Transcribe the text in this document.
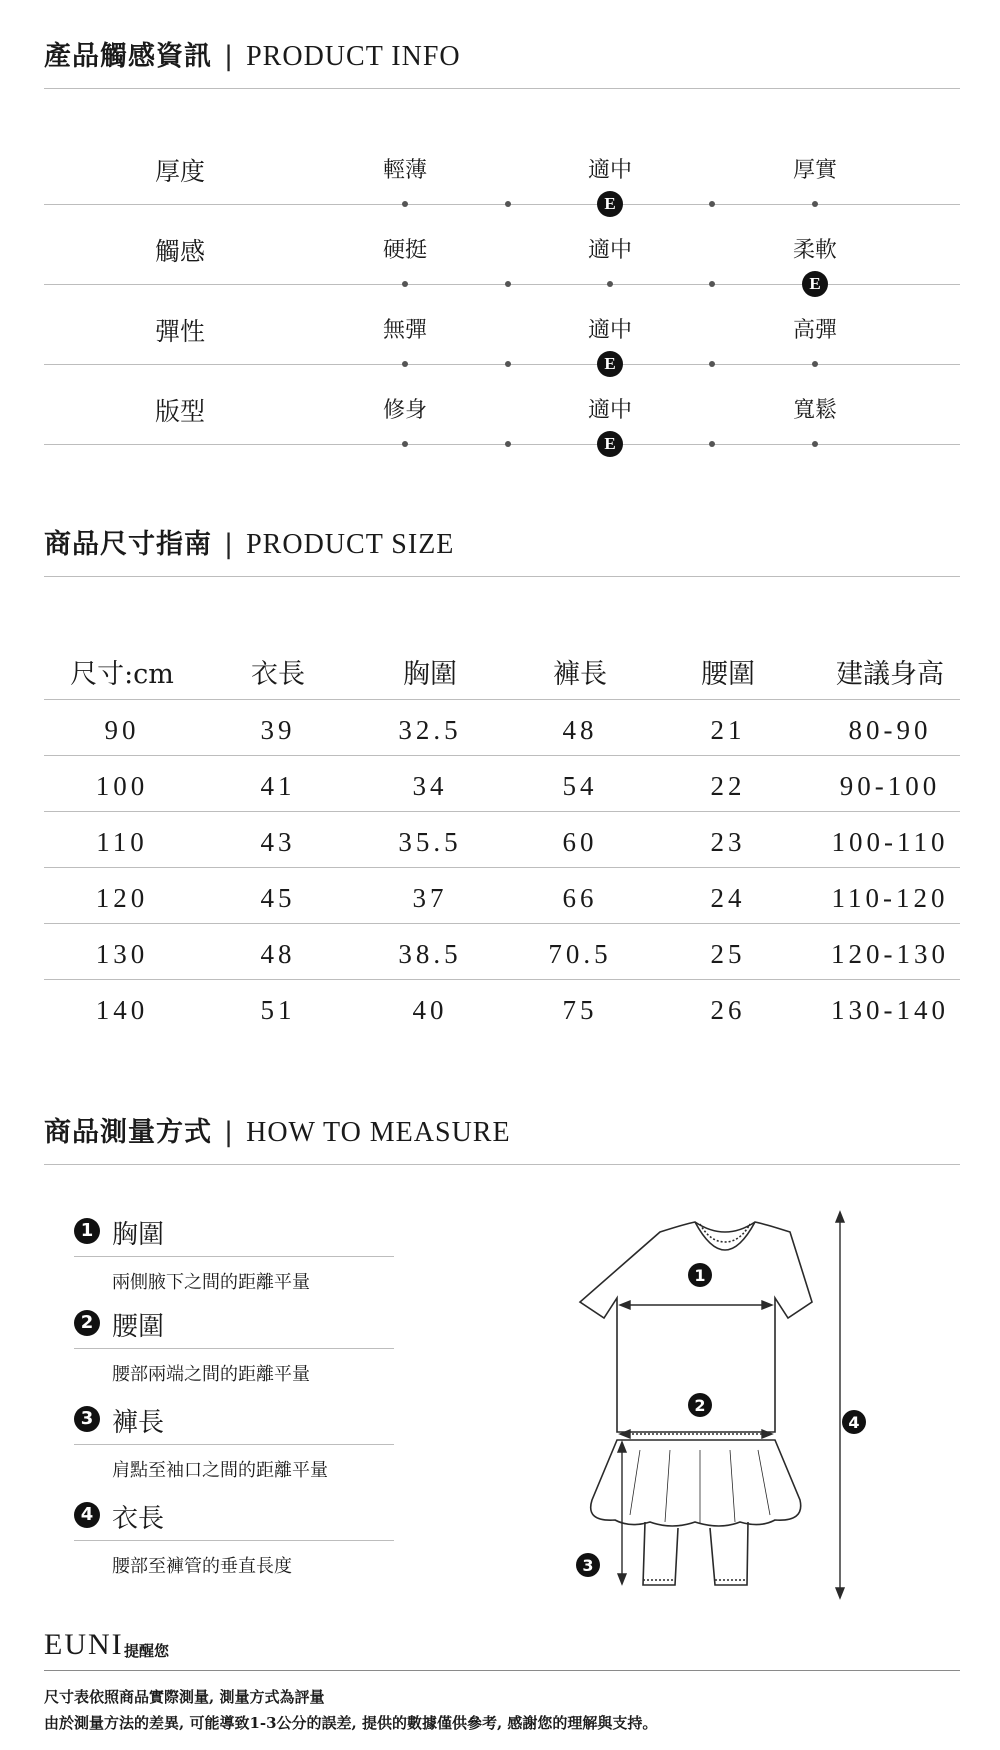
產品觸感資訊 | PRODUCT INFO
厚度	輕薄	適中	厚實
E
觸感	硬挺	適中	柔軟
E
彈性	無彈	適中	高彈
E
版型	修身	適中	寬鬆
E
商品尺寸指南 | PRODUCT SIZE
尺寸:cm	衣長	胸圍	褲長	腰圍	建議身高
90	39	32.5	48	21	80-90
100	41	34	54	22	90-100
110	43	35.5	60	23	100-110
120	45	37	66	24	110-120
130	48	38.5	70.5	25	120-130
140	51	40	75	26	130-140
商品測量方式 | HOW TO MEASURE
1 胸圍
兩側腋下之間的距離平量
2 腰圍
腰部兩端之間的距離平量
3 褲長
肩點至袖口之間的距離平量
4 衣長
腰部至褲管的垂直長度
1
2
3
4
EUNI 提醒您
尺寸表依照商品實際測量, 測量方式為評量
由於測量方法的差異, 可能導致1-3公分的誤差, 提供的數據僅供參考, 感謝您的理解與支持。
